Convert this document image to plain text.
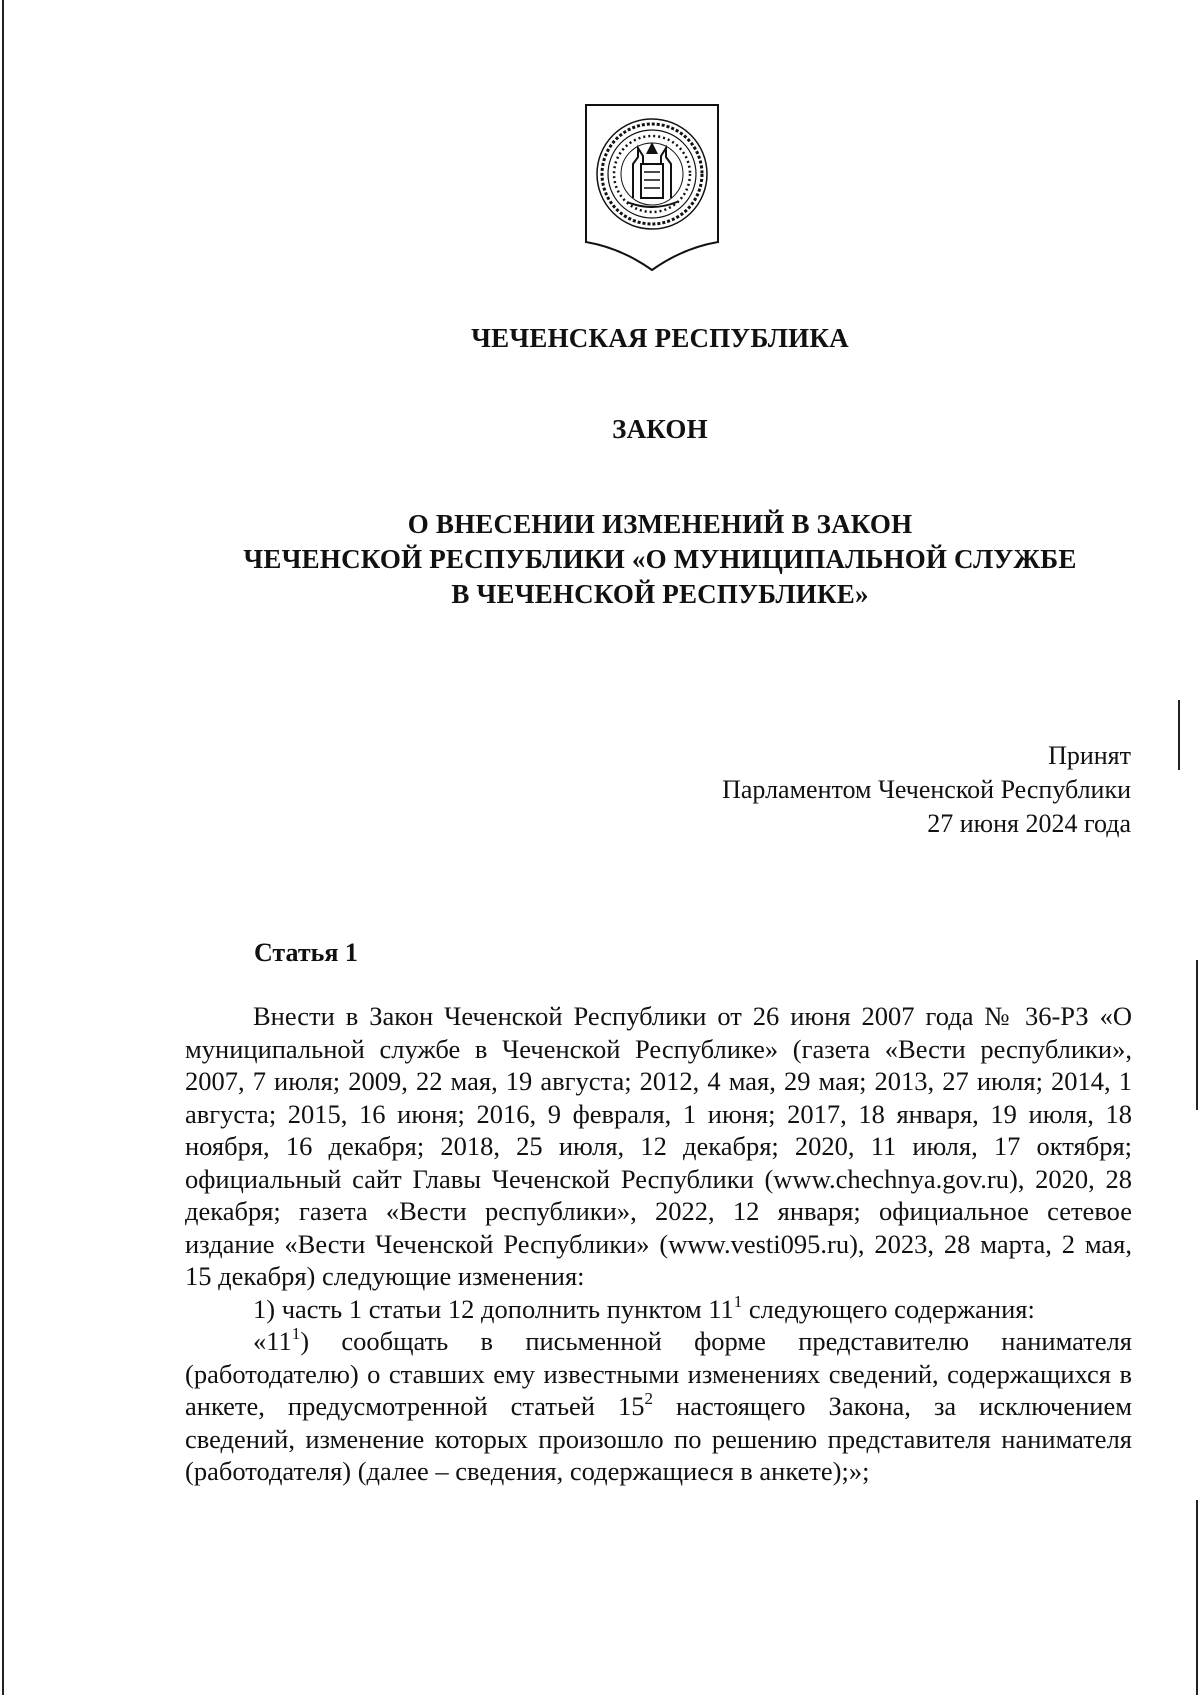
ЧЕЧЕНСКАЯ РЕСПУБЛИКА
ЗАКОН
О ВНЕСЕНИИ ИЗМЕНЕНИЙ В ЗАКОН
ЧЕЧЕНСКОЙ РЕСПУБЛИКИ «О МУНИЦИПАЛЬНОЙ СЛУЖБЕ
В ЧЕЧЕНСКОЙ РЕСПУБЛИКЕ»
Принят
Парламентом Чеченской Республики
27 июня 2024 года
Статья 1

Внести в Закон Чеченской Республики от 26 июня 2007 года № 36-РЗ «О муниципальной службе в Чеченской Республике» (газета «Вести республики», 2007, 7 июля; 2009, 22 мая, 19 августа; 2012, 4 мая, 29 мая; 2013, 27 июля; 2014, 1 августа; 2015, 16 июня; 2016, 9 февраля, 1 июня; 2017, 18 января, 19 июля, 18 ноября, 16 декабря; 2018, 25 июля, 12 декабря; 2020, 11 июля, 17 октября; официальный сайт Главы Чеченской Республики (www.chechnya.gov.ru), 2020, 28 декабря; газета «Вести республики», 2022, 12 января; официальное сетевое издание «Вести Чеченской Республики» (www.vesti095.ru), 2023, 28 марта, 2 мая, 15 декабря) следующие изменения:

1) часть 1 статьи 12 дополнить пунктом $11^1$ следующего содержания:

«$11^1$) сообщать в письменной форме представителю нанимателя (работодателю) о ставших ему известными изменениях сведений, содержащихся в анкете, предусмотренной статьей $15^2$ настоящего Закона, за исключением сведений, изменение которых произошло по решению представителя нанимателя (работодателя) (далее – сведения, содержащиеся в анкете);»;
